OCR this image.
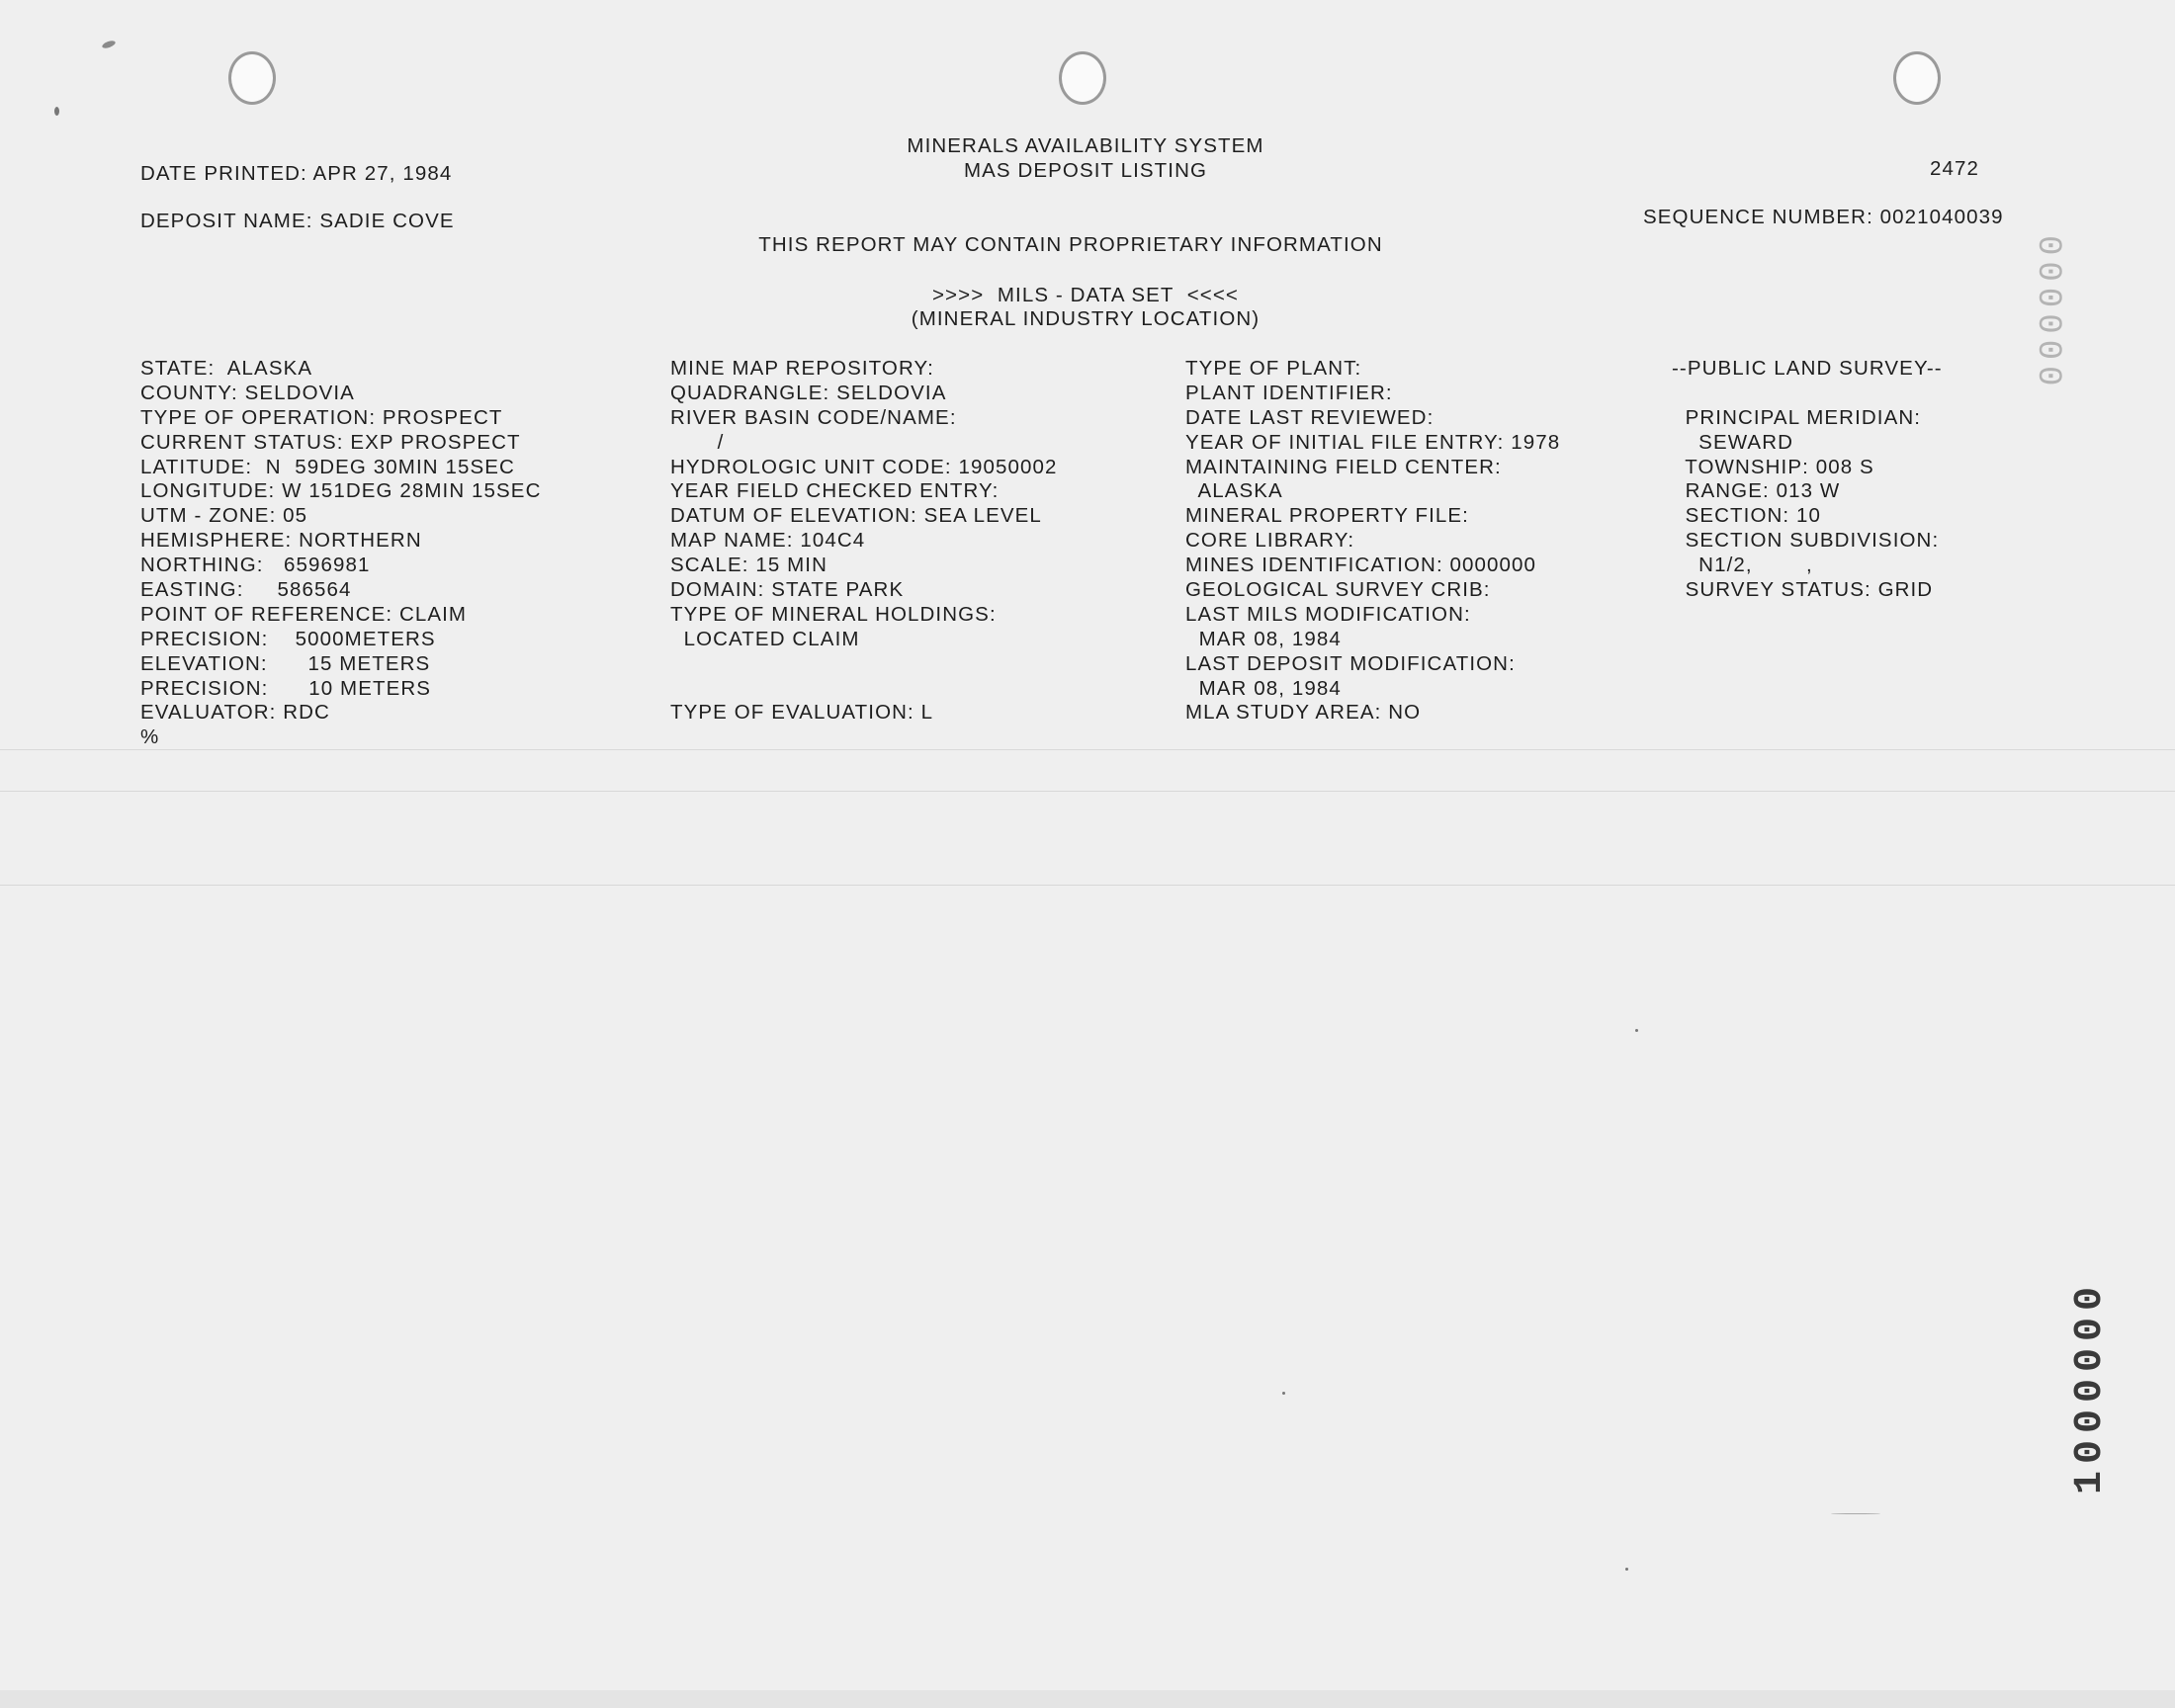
DATE PRINTED: APR 27, 1984
MINERALS AVAILABILITY SYSTEM
MAS DEPOSIT LISTING	2472
DEPOSIT NAME: SADIE COVE	SEQUENCE NUMBER: 0021040039
THIS REPORT MAY CONTAIN PROPRIETARY INFORMATION
>>>>  MILS - DATA SET  <<<<
(MINERAL INDUSTRY LOCATION)
STATE:  ALASKA
COUNTY: SELDOVIA
TYPE OF OPERATION: PROSPECT
CURRENT STATUS: EXP PROSPECT
LATITUDE:  N  59DEG 30MIN 15SEC
LONGITUDE: W 151DEG 28MIN 15SEC
UTM - ZONE: 05
HEMISPHERE: NORTHERN
NORTHING:   6596981
EASTING:     586564
POINT OF REFERENCE: CLAIM
PRECISION:    5000METERS
ELEVATION:      15 METERS
PRECISION:      10 METERS
EVALUATOR: RDC
%
MINE MAP REPOSITORY:
QUADRANGLE: SELDOVIA
RIVER BASIN CODE/NAME:
/
HYDROLOGIC UNIT CODE: 19050002
YEAR FIELD CHECKED ENTRY:
DATUM OF ELEVATION: SEA LEVEL
MAP NAME: 104C4
SCALE: 15 MIN
DOMAIN: STATE PARK
TYPE OF MINERAL HOLDINGS:
LOCATED CLAIM
TYPE OF EVALUATION: L
TYPE OF PLANT:
PLANT IDENTIFIER:
DATE LAST REVIEWED:
YEAR OF INITIAL FILE ENTRY: 1978
MAINTAINING FIELD CENTER:
ALASKA
MINERAL PROPERTY FILE:
CORE LIBRARY:
MINES IDENTIFICATION: 0000000
GEOLOGICAL SURVEY CRIB:
LAST MILS MODIFICATION:
MAR 08, 1984
LAST DEPOSIT MODIFICATION:
MAR 08, 1984
MLA STUDY AREA: NO
--PUBLIC LAND SURVEY--
PRINCIPAL MERIDIAN:
SEWARD
TOWNSHIP: 008 S
RANGE: 013 W
SECTION: 10
SECTION SUBDIVISION:
N1/2,        ,
SURVEY STATUS: GRID
000000
1000000
